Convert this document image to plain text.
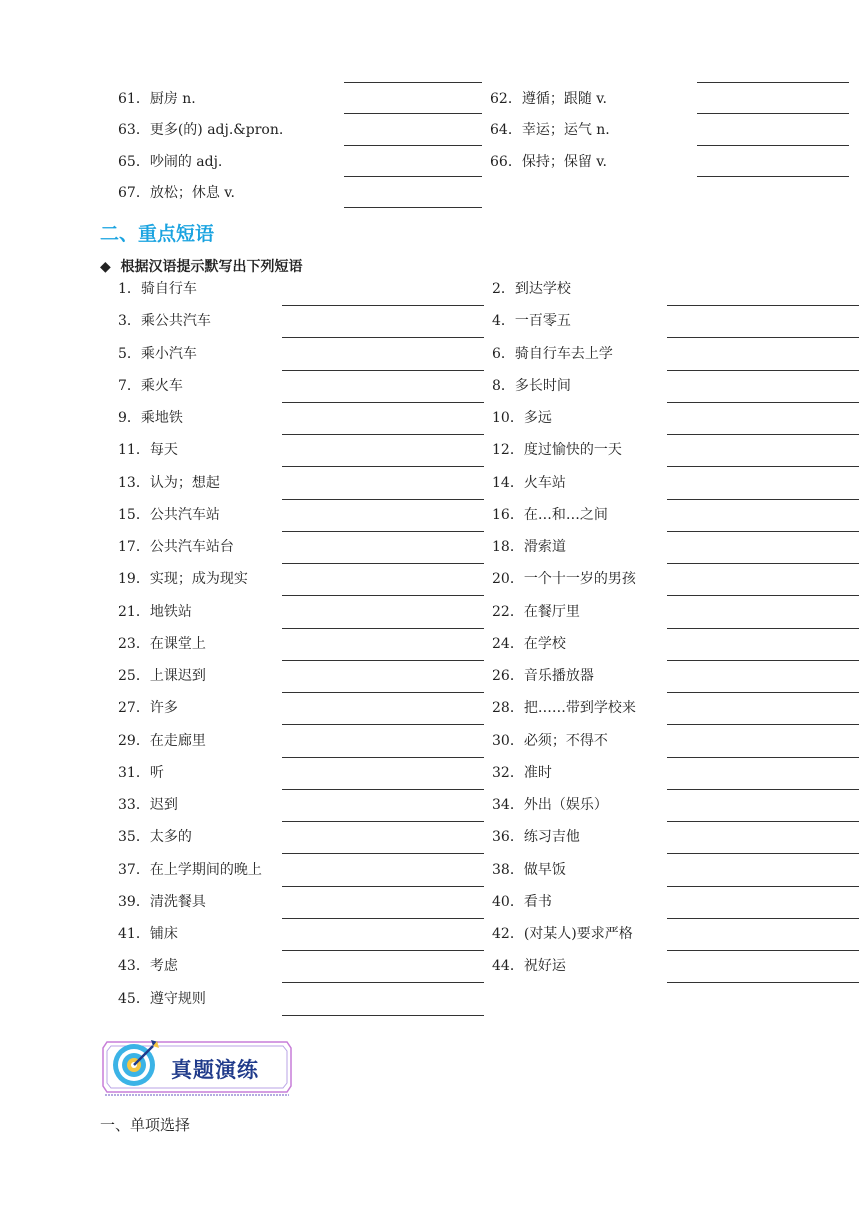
61．厨房 n.	62．遵循；跟随 v.
63．更多(的) adj.&pron.	64．幸运；运气 n.
65．吵闹的 adj.	66．保持；保留 v.
67．放松；休息 v.
二、重点短语
◆ 根据汉语提示默写出下列短语
1．骑自行车	2．到达学校
3．乘公共汽车	4．一百零五
5．乘小汽车	6．骑自行车去上学
7．乘火车	8．多长时间
9．乘地铁	10．多远
11．每天	12．度过愉快的一天
13．认为；想起	14．火车站
15．公共汽车站	16．在…和…之间
17．公共汽车站台	18．滑索道
19．实现；成为现实	20．一个十一岁的男孩
21．地铁站	22．在餐厅里
23．在课堂上	24．在学校
25．上课迟到	26．音乐播放器
27．许多	28．把……带到学校来
29．在走廊里	30．必须；不得不
31．听	32．准时
33．迟到	34．外出（娱乐）
35．太多的	36．练习吉他
37．在上学期间的晚上	38．做早饭
39．清洗餐具	40．看书
41．铺床	42．(对某人)要求严格
43．考虑	44．祝好运
45．遵守规则
真题演练
一、单项选择
